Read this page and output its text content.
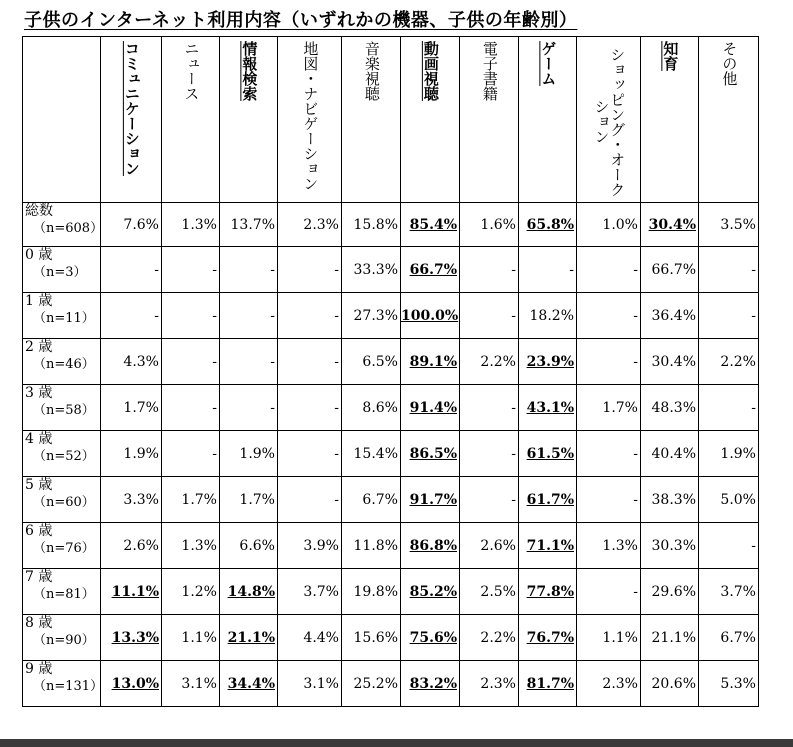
子供のインターネット利用内容（いずれかの機器、子供の年齢別）

	コミュニケーション	ニュース	情報検索	地図・ナビゲーション	音楽視聴	動画視聴	電子書籍	ゲーム	ショッピング・オークション	知育	その他

総数
（n=608）	7.6%	1.3%	13.7%	2.3%	15.8%	85.4%	1.6%	65.8%	1.0%	30.4%	3.5%
0 歳
（n=3）	-	-	-	-	33.3%	66.7%	-	-	-	66.7%	-
1 歳
（n=11）	-	-	-	-	27.3%	100.0%	-	18.2%	-	36.4%	-
2 歳
（n=46）	4.3%	-	-	-	6.5%	89.1%	2.2%	23.9%	-	30.4%	2.2%
3 歳
（n=58）	1.7%	-	-	-	8.6%	91.4%	-	43.1%	1.7%	48.3%	-
4 歳
（n=52）	1.9%	-	1.9%	-	15.4%	86.5%	-	61.5%	-	40.4%	1.9%
5 歳
（n=60）	3.3%	1.7%	1.7%	-	6.7%	91.7%	-	61.7%	-	38.3%	5.0%
6 歳
（n=76）	2.6%	1.3%	6.6%	3.9%	11.8%	86.8%	2.6%	71.1%	1.3%	30.3%	-
7 歳
（n=81）	11.1%	1.2%	14.8%	3.7%	19.8%	85.2%	2.5%	77.8%	-	29.6%	3.7%
8 歳
（n=90）	13.3%	1.1%	21.1%	4.4%	15.6%	75.6%	2.2%	76.7%	1.1%	21.1%	6.7%
9 歳
（n=131）	13.0%	3.1%	34.4%	3.1%	25.2%	83.2%	2.3%	81.7%	2.3%	20.6%	5.3%
